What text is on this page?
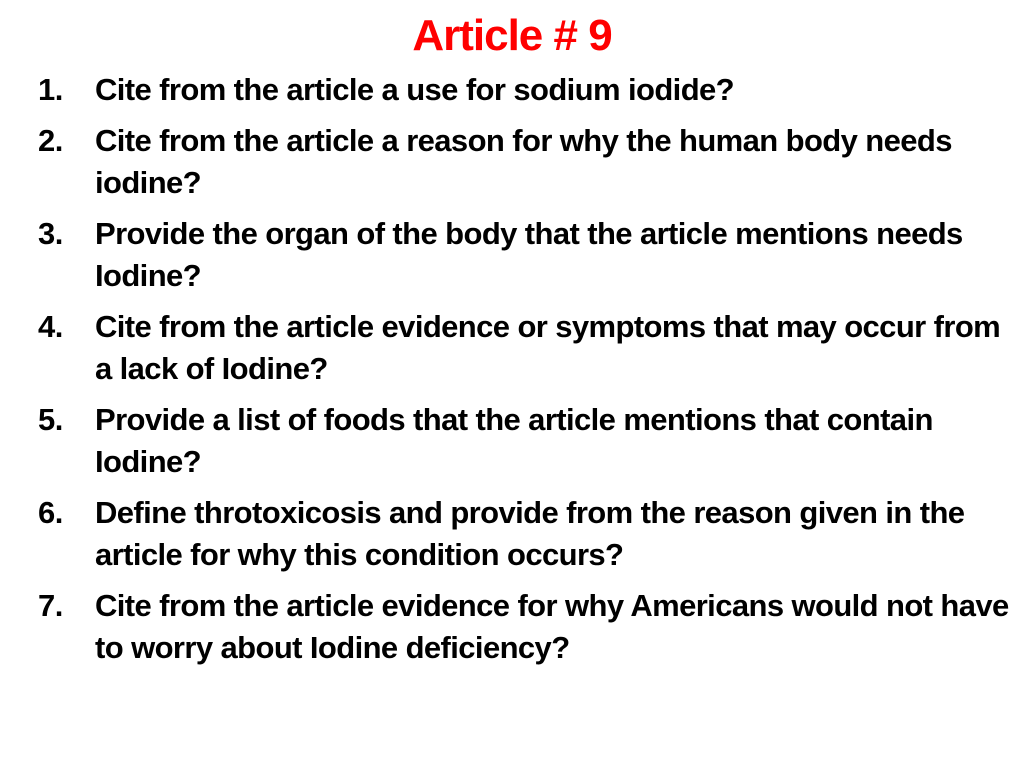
Article # 9
1.	Cite from the article a use for sodium iodide?
2.	Cite from the article a reason for why the human body needs iodine?
3.	Provide the organ of the body that the article mentions needs Iodine?
4.	Cite from the article evidence or symptoms that may occur from a lack of Iodine?
5.	Provide a list of foods that the article mentions that contain Iodine?
6.	Define throtoxicosis and provide from the reason given in the article for why this condition occurs?
7.	Cite from the article evidence for why Americans would not have to worry about Iodine deficiency?
